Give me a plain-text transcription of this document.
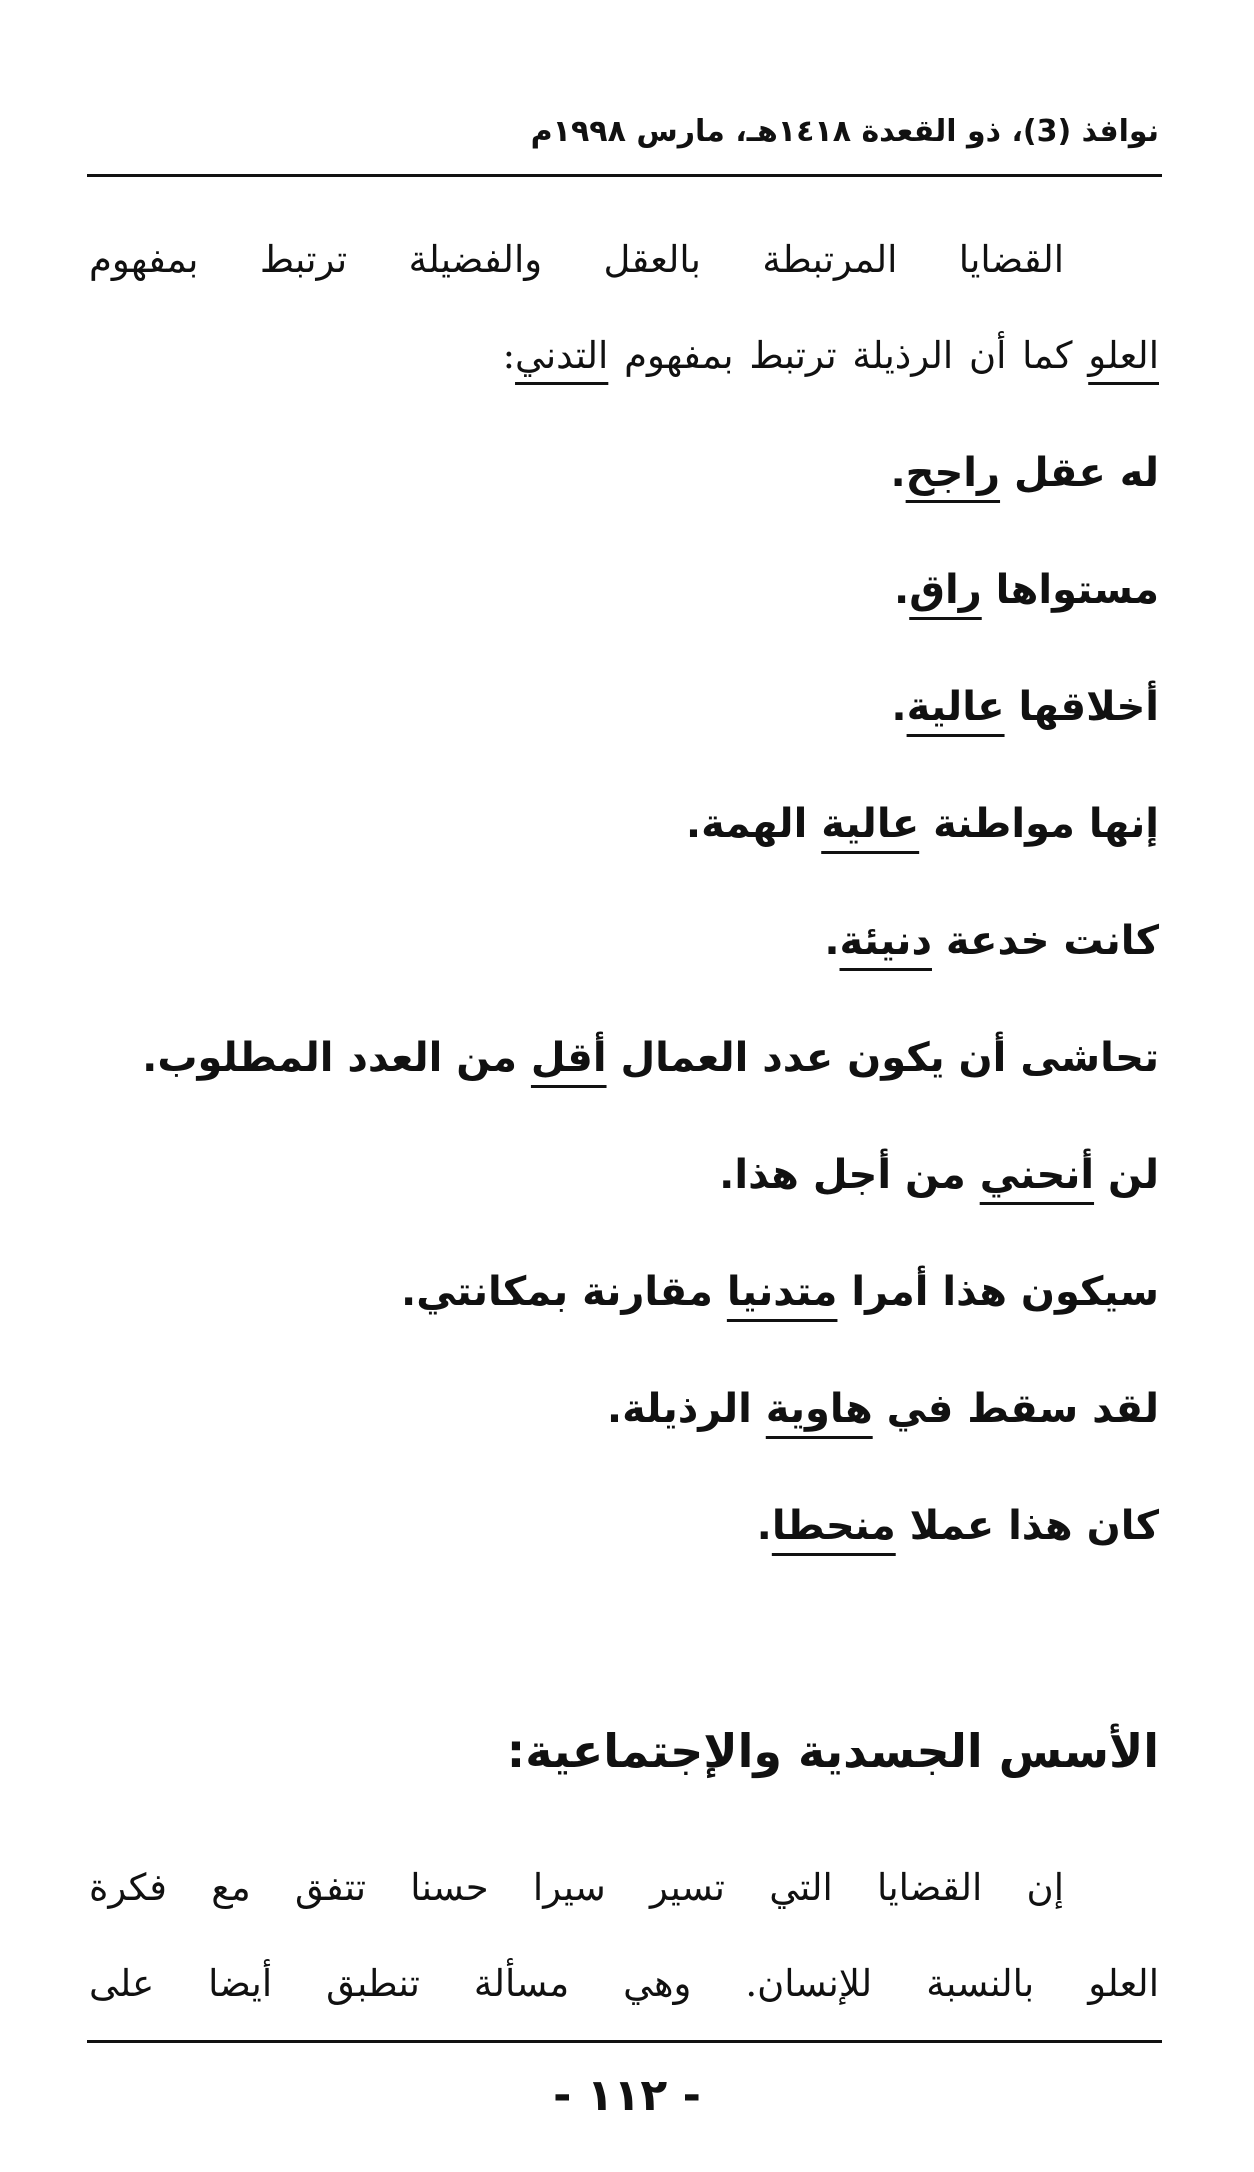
نوافذ (3)، ذو القعدة ١٤١٨هـ، مارس ١٩٩٨م
القضايا المرتبطة بالعقل والفضيلة ترتبط بمفهوم
العلو كما أن الرذيلة ترتبط بمفهوم التدني:
له عقل راجح.
مستواها راق.
أخلاقها عالية.
إنها مواطنة عالية الهمة.
كانت خدعة دنيئة.
تحاشى أن يكون عدد العمال أقل من العدد المطلوب.
لن أنحني من أجل هذا.
سيكون هذا أمرا متدنيا مقارنة بمكانتي.
لقد سقط في هاوية الرذيلة.
كان هذا عملا منحطا.
الأسس الجسدية والإجتماعية:
إن القضايا التي تسير سيرا حسنا تتفق مع فكرة
العلو بالنسبة للإنسان. وهي مسألة تنطبق أيضا على
- ١١٢ -
